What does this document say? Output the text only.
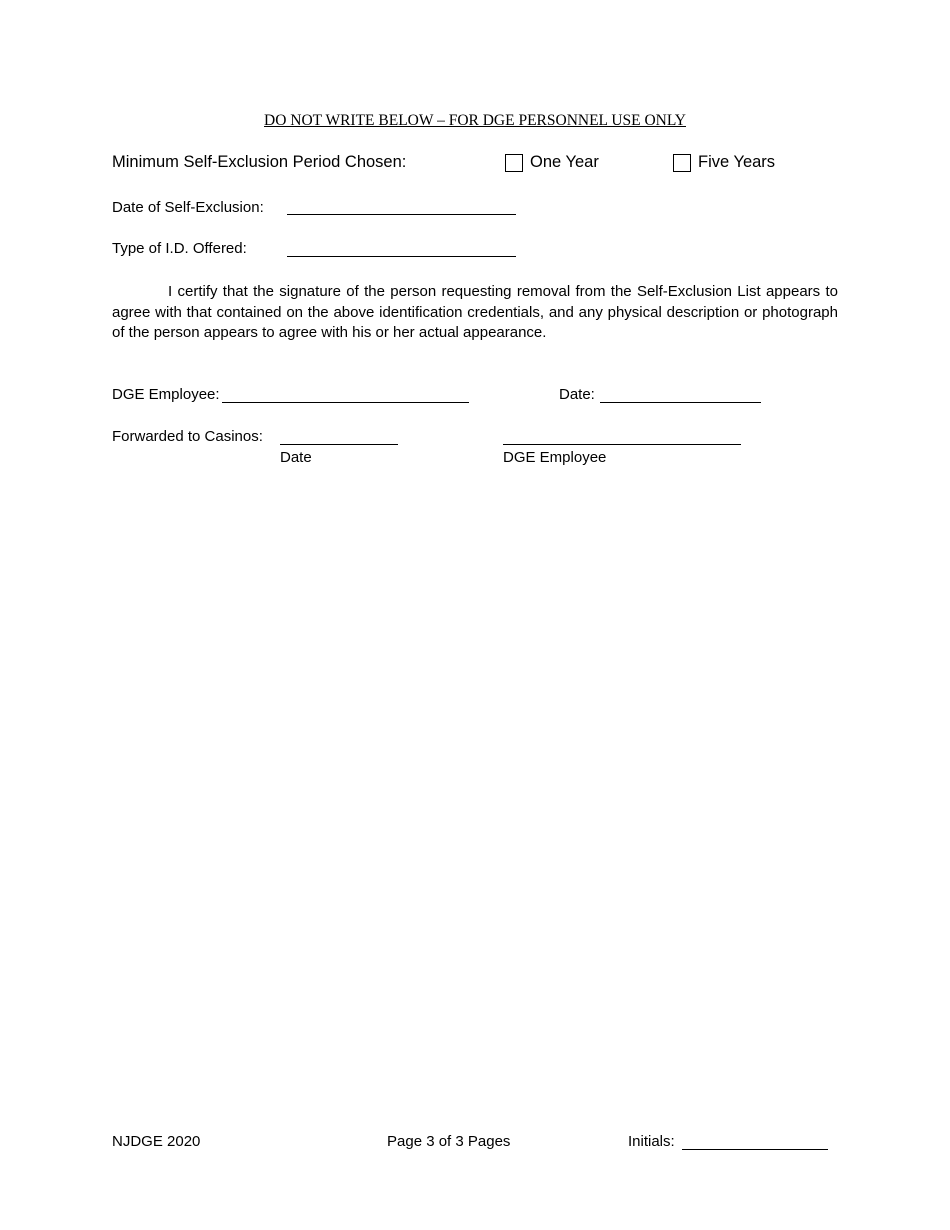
DO NOT WRITE BELOW – FOR DGE PERSONNEL USE ONLY
Minimum Self-Exclusion Period Chosen:	One Year	Five Years
Date of Self-Exclusion:
Type of I.D. Offered:
I certify that the signature of the person requesting removal from the Self-Exclusion List appears to agree with that contained on the above identification credentials, and any physical description or photograph of the person appears to agree with his or her actual appearance.
DGE Employee:	Date:
Forwarded to Casinos:
Date	DGE Employee
NJDGE 2020	Page 3 of 3 Pages	Initials:
